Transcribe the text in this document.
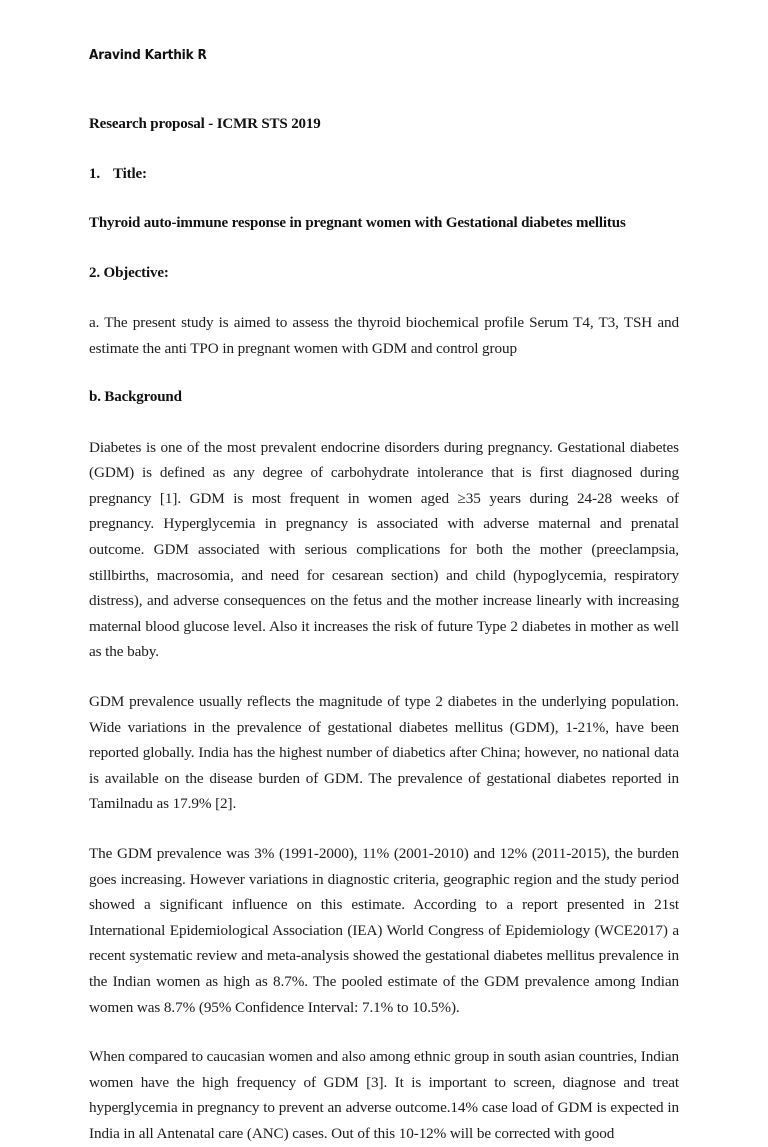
Aravind Karthik R
Research proposal - ICMR STS 2019
1. Title:
Thyroid auto-immune response in pregnant women with Gestational diabetes mellitus
2. Objective:

a. The present study is aimed to assess the thyroid biochemical profile Serum T4, T3, TSH and estimate the anti TPO in pregnant women with GDM and control group

b. Background

Diabetes is one of the most prevalent endocrine disorders during pregnancy. Gestational diabetes (GDM) is defined as any degree of carbohydrate intolerance that is first diagnosed during pregnancy [1]. GDM is most frequent in women aged ≥35 years during 24-28 weeks of pregnancy. Hyperglycemia in pregnancy is associated with adverse maternal and prenatal outcome. GDM associated with serious complications for both the mother (preeclampsia, stillbirths, macrosomia, and need for cesarean section) and child (hypoglycemia, respiratory distress), and adverse consequences on the fetus and the mother increase linearly with increasing maternal blood glucose level. Also it increases the risk of future Type 2 diabetes in mother as well as the baby.

GDM prevalence usually reflects the magnitude of type 2 diabetes in the underlying population. Wide variations in the prevalence of gestational diabetes mellitus (GDM), 1-21%, have been reported globally. India has the highest number of diabetics after China; however, no national data is available on the disease burden of GDM. The prevalence of gestational diabetes reported in Tamilnadu as 17.9% [2].

The GDM prevalence was 3% (1991-2000), 11% (2001-2010) and 12% (2011-2015), the burden goes increasing. However variations in diagnostic criteria, geographic region and the study period showed a significant influence on this estimate. According to a report presented in 21st International Epidemiological Association (IEA) World Congress of Epidemiology (WCE2017) a recent systematic review and meta-analysis showed the gestational diabetes mellitus prevalence in the Indian women as high as 8.7%. The pooled estimate of the GDM prevalence among Indian women was 8.7% (95% Confidence Interval: 7.1% to 10.5%).

When compared to caucasian women and also among ethnic group in south asian countries, Indian women have the high frequency of GDM [3]. It is important to screen, diagnose and treat hyperglycemia in pregnancy to prevent an adverse outcome.14% case load of GDM is expected in India in all Antenatal care (ANC) cases. Out of this 10-12% will be corrected with good
